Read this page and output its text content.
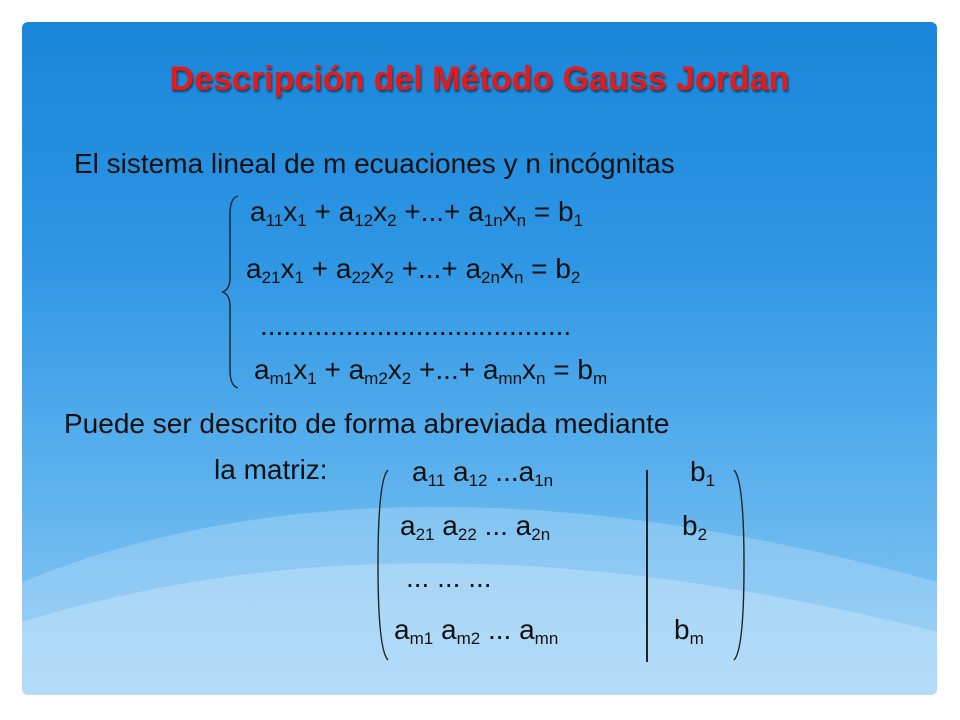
Descripción del Método Gauss Jordan
El sistema lineal de m ecuaciones y n incógnitas
$a_{11}x_1 + a_{12}x_2$ +...+ $a_{1n}x_n = b_1$
$a_{21}x_1 + a_{22}x_2$ +...+ $a_{2n}x_n = b_2$
........................................
$a_{m1}x_1 + a_{m2}x_2$ +...+ $a_{mn}x_n = b_m$
Puede ser descrito de forma abreviada mediante
la matriz:	$a_{11}$ $a_{12}$ $...a_{1n}$
$a_{21}$ $a_{22}$ ... $a_{2n}$
... ... ...
$a_{m1}$ $a_{m2}$ ... $a_{mn}$
$b_1$
$b_2$
$b_m$
